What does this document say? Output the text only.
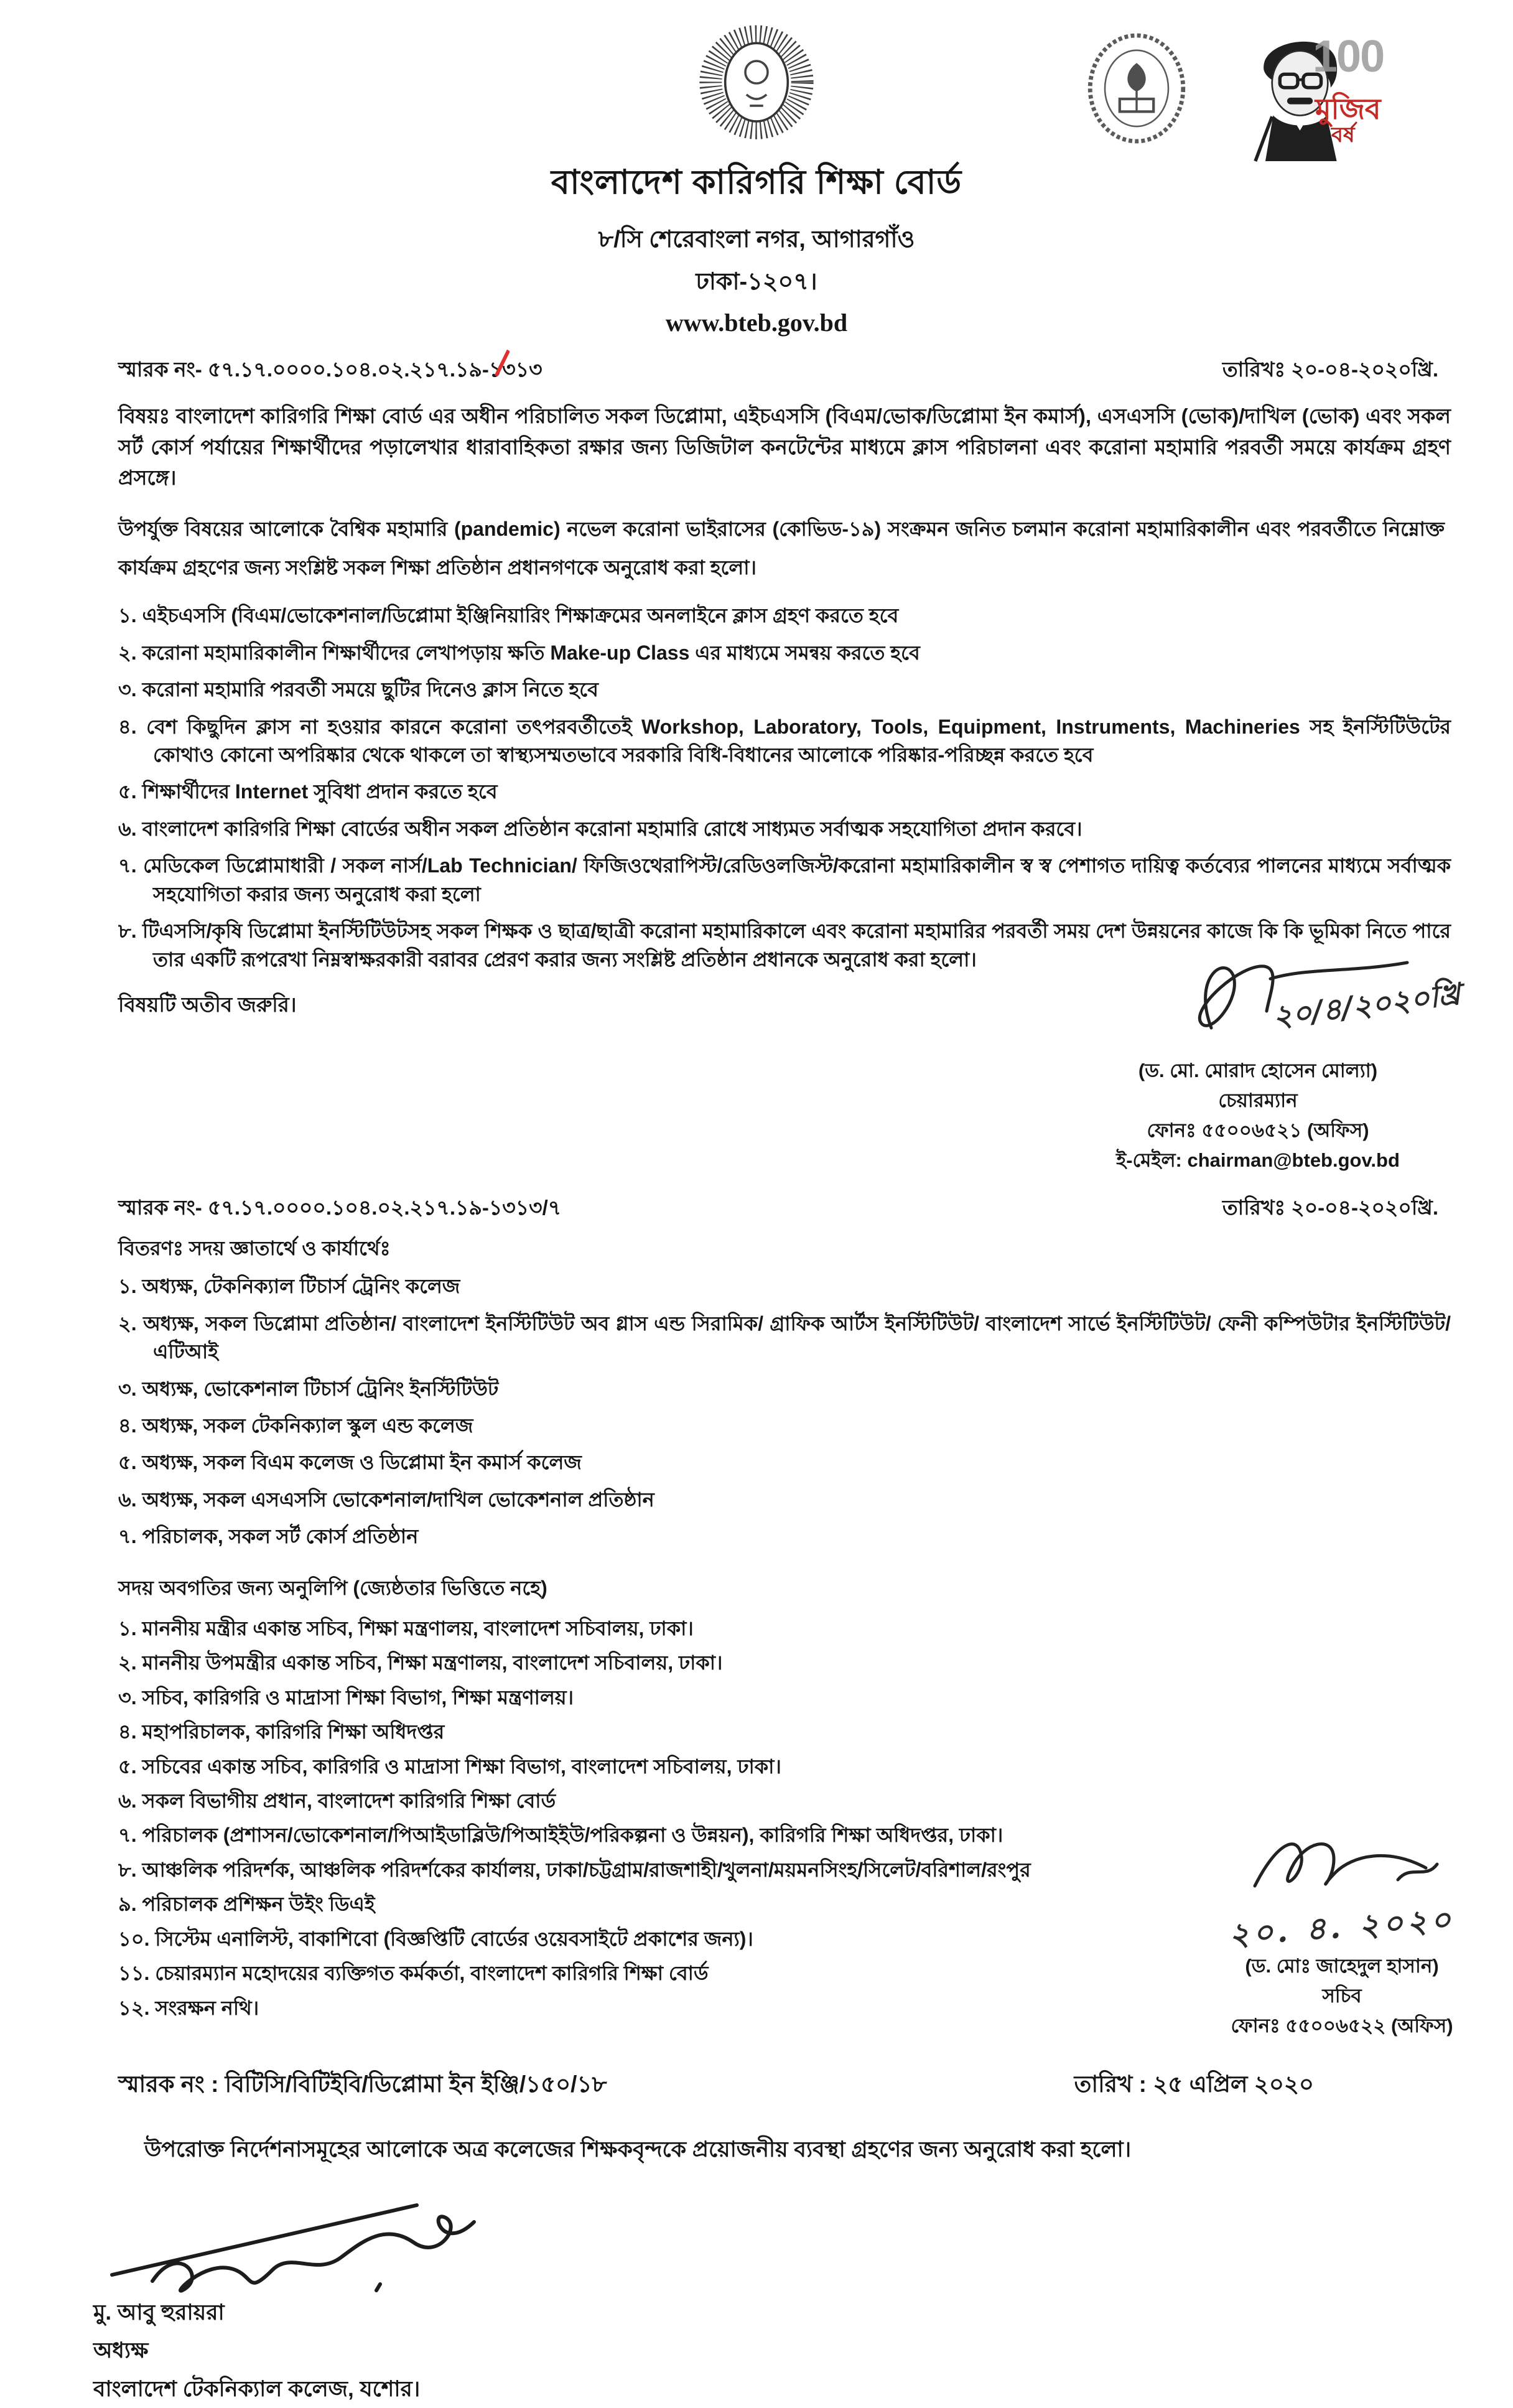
100
মুজিব
বর্ষ
বাংলাদেশ কারিগরি শিক্ষা বোর্ড
৮/সি শেরেবাংলা নগর, আগারগাঁও
ঢাকা-১২০৭।
www.bteb.gov.bd
স্মারক নং- ৫৭.১৭.০০০০.১০৪.০২.২১৭.১৯-১৩১৩	তারিখঃ ২০-০৪-২০২০খ্রি.

বিষয়ঃ বাংলাদেশ কারিগরি শিক্ষা বোর্ড এর অধীন পরিচালিত সকল ডিপ্লোমা, এইচএসসি (বিএম/ভোক/ডিপ্লোমা ইন কমার্স), এসএসসি (ভোক)/দাখিল (ভোক) এবং সকল সর্ট কোর্স পর্যায়ের শিক্ষার্থীদের পড়ালেখার ধারাবাহিকতা রক্ষার জন্য ডিজিটাল কনটেন্টের মাধ্যমে ক্লাস পরিচালনা এবং করোনা মহামারি পরবর্তী সময়ে কার্যক্রম গ্রহণ প্রসঙ্গে।

উপর্যুক্ত বিষয়ের আলোকে বৈশ্বিক মহামারি (pandemic) নভেল করোনা ভাইরাসের (কোভিড-১৯) সংক্রমন জনিত চলমান করোনা মহামারিকালীন এবং পরবর্তীতে নিম্নোক্ত কার্যক্রম গ্রহণের জন্য সংশ্লিষ্ট সকল শিক্ষা প্রতিষ্ঠান প্রধানগণকে অনুরোধ করা হলো।

১. এইচএসসি (বিএম/ভোকেশনাল/ডিপ্লোমা ইঞ্জিনিয়ারিং শিক্ষাক্রমের অনলাইনে ক্লাস গ্রহণ করতে হবে

২. করোনা মহামারিকালীন শিক্ষার্থীদের লেখাপড়ায় ক্ষতি Make-up Class এর মাধ্যমে সমন্বয় করতে হবে

৩. করোনা মহামারি পরবর্তী সময়ে ছুটির দিনেও ক্লাস নিতে হবে

৪. বেশ কিছুদিন ক্লাস না হওয়ার কারনে করোনা তৎপরবর্তীতেই Workshop, Laboratory, Tools, Equipment, Instruments, Machineries সহ ইনস্টিটিউটের কোথাও কোনো অপরিষ্কার থেকে থাকলে তা স্বাস্থ্যসম্মতভাবে সরকারি বিধি-বিধানের আলোকে পরিষ্কার-পরিচ্ছন্ন করতে হবে

৫. শিক্ষার্থীদের Internet সুবিধা প্রদান করতে হবে

৬. বাংলাদেশ কারিগরি শিক্ষা বোর্ডের অধীন সকল প্রতিষ্ঠান করোনা মহামারি রোধে সাধ্যমত সর্বাত্মক সহযোগিতা প্রদান করবে।

৭. মেডিকেল ডিপ্লোমাধারী / সকল নার্স/Lab Technician/ ফিজিওথেরাপিস্ট/রেডিওলজিস্ট/করোনা মহামারিকালীন স্ব স্ব পেশাগত দায়িত্ব কর্তব্যের পালনের মাধ্যমে সর্বাত্মক সহযোগিতা করার জন্য অনুরোধ করা হলো

৮. টিএসসি/কৃষি ডিপ্লোমা ইনস্টিটিউটসহ সকল শিক্ষক ও ছাত্র/ছাত্রী করোনা মহামারিকালে এবং করোনা মহামারির পরবর্তী সময় দেশ উন্নয়নের কাজে কি কি ভূমিকা নিতে পারে তার একটি রূপরেখা নিম্নস্বাক্ষরকারী বরাবর প্রেরণ করার জন্য সংশ্লিষ্ট প্রতিষ্ঠান প্রধানকে অনুরোধ করা হলো।

বিষয়টি অতীব জরুরি।	২০/৪/২০২০খ্রি
(ড. মো. মোরাদ হোসেন মোল্যা)
চেয়ারম্যান
ফোনঃ ৫৫০০৬৫২১ (অফিস)
ই-মেইল: chairman@bteb.gov.bd
স্মারক নং- ৫৭.১৭.০০০০.১০৪.০২.২১৭.১৯-১৩১৩/৭	তারিখঃ ২০-০৪-২০২০খ্রি.

বিতরণঃ সদয় জ্ঞাতার্থে ও কার্যার্থেঃ

১. অধ্যক্ষ, টেকনিক্যাল টিচার্স ট্রেনিং কলেজ

২. অধ্যক্ষ, সকল ডিপ্লোমা প্রতিষ্ঠান/ বাংলাদেশ ইনস্টিটিউট অব গ্লাস এন্ড সিরামিক/ গ্রাফিক আর্টস ইনস্টিটিউট/ বাংলাদেশ সার্ভে ইনস্টিটিউট/ ফেনী কম্পিউটার ইনস্টিটিউট/ এটিআই

৩. অধ্যক্ষ, ভোকেশনাল টিচার্স ট্রেনিং ইনস্টিটিউট

৪. অধ্যক্ষ, সকল টেকনিক্যাল স্কুল এন্ড কলেজ

৫. অধ্যক্ষ, সকল বিএম কলেজ ও ডিপ্লোমা ইন কমার্স কলেজ

৬. অধ্যক্ষ, সকল এসএসসি ভোকেশনাল/দাখিল ভোকেশনাল প্রতিষ্ঠান

৭. পরিচালক, সকল সর্ট কোর্স প্রতিষ্ঠান

সদয় অবগতির জন্য অনুলিপি (জ্যেষ্ঠতার ভিত্তিতে নহে)

১. মাননীয় মন্ত্রীর একান্ত সচিব, শিক্ষা মন্ত্রণালয়, বাংলাদেশ সচিবালয়, ঢাকা।

২. মাননীয় উপমন্ত্রীর একান্ত সচিব, শিক্ষা মন্ত্রণালয়, বাংলাদেশ সচিবালয়, ঢাকা।

৩. সচিব, কারিগরি ও মাদ্রাসা শিক্ষা বিভাগ, শিক্ষা মন্ত্রণালয়।

৪. মহাপরিচালক, কারিগরি শিক্ষা অধিদপ্তর

৫. সচিবের একান্ত সচিব, কারিগরি ও মাদ্রাসা শিক্ষা বিভাগ, বাংলাদেশ সচিবালয়, ঢাকা।

৬. সকল বিভাগীয় প্রধান, বাংলাদেশ কারিগরি শিক্ষা বোর্ড

৭. পরিচালক (প্রশাসন/ভোকেশনাল/পিআইডাব্লিউ/পিআইইউ/পরিকল্পনা ও উন্নয়ন), কারিগরি শিক্ষা অধিদপ্তর, ঢাকা।

৮. আঞ্চলিক পরিদর্শক, আঞ্চলিক পরিদর্শকের কার্যালয়, ঢাকা/চট্টগ্রাম/রাজশাহী/খুলনা/ময়মনসিংহ/সিলেট/বরিশাল/রংপুর

৯. পরিচালক প্রশিক্ষন উইং ডিএই

১০. সিস্টেম এনালিস্ট, বাকাশিবো (বিজ্ঞপ্তিটি বোর্ডের ওয়েবসাইটে প্রকাশের জন্য)।

১১. চেয়ারম্যান মহোদয়ের ব্যক্তিগত কর্মকর্তা, বাংলাদেশ কারিগরি শিক্ষা বোর্ড

১২. সংরক্ষন নথি।

২০. ৪. ২০২০
(ড. মোঃ জাহেদুল হাসান)
সচিব
ফোনঃ ৫৫০০৬৫২২ (অফিস)
স্মারক নং : বিটিসি/বিটিইবি/ডিপ্লোমা ইন ইঞ্জি/১৫০/১৮	তারিখ : ২৫ এপ্রিল ২০২০

উপরোক্ত নির্দেশনাসমূহের আলোকে অত্র কলেজের শিক্ষকবৃন্দকে প্রয়োজনীয় ব্যবস্থা গ্রহণের জন্য অনুরোধ করা হলো।

মু. আবু হুরায়রা
অধ্যক্ষ
বাংলাদেশ টেকনিক্যাল কলেজ, যশোর।
